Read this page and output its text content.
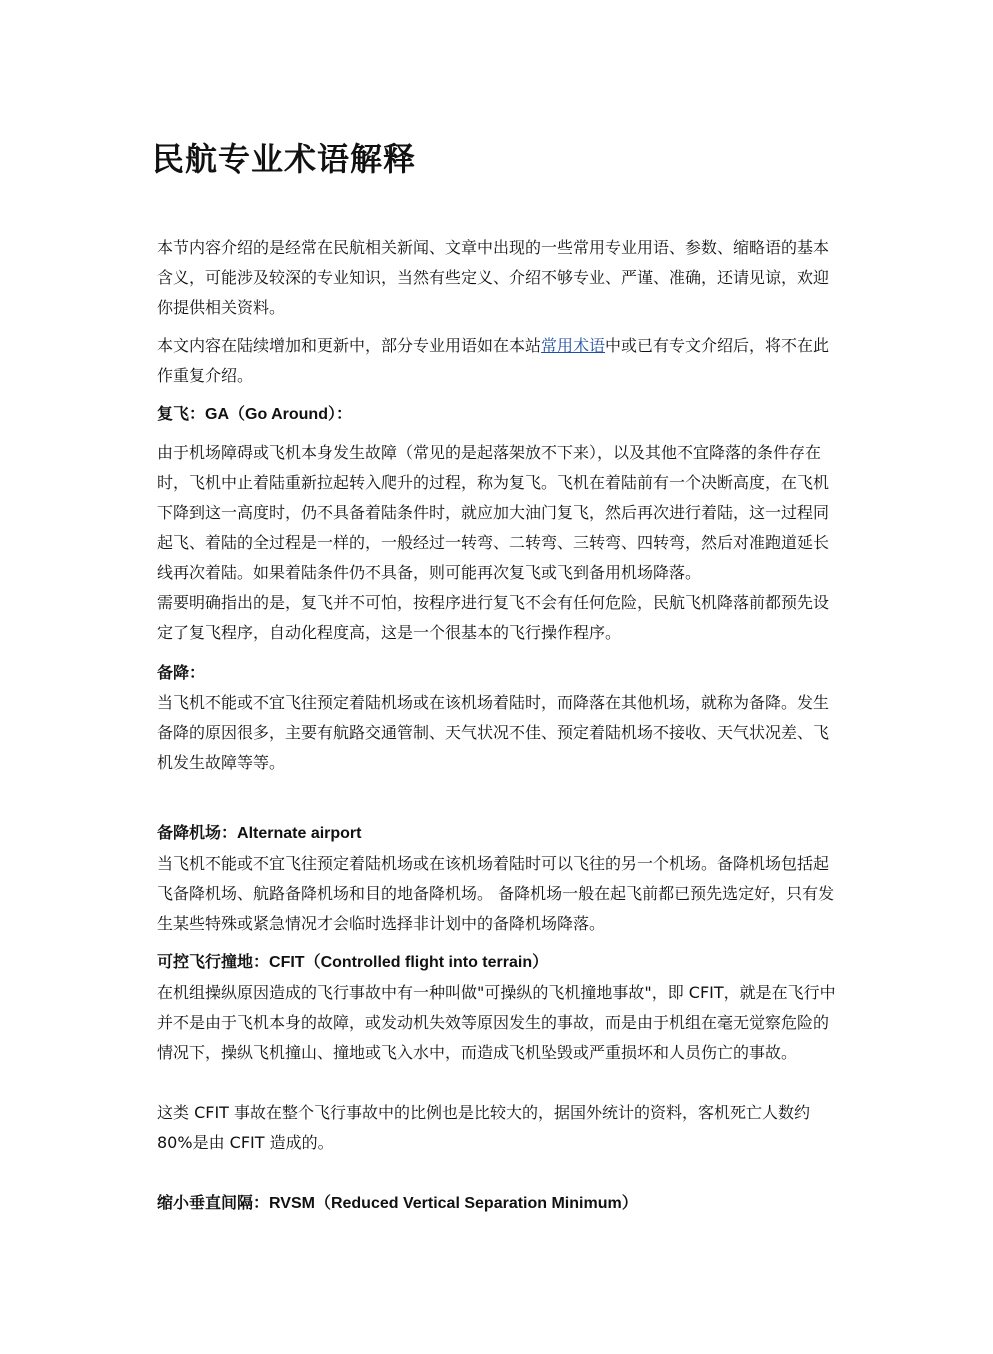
民航专业术语解释

本节内容介绍的是经常在民航相关新闻、文章中出现的一些常用专业用语、参数、缩略语的基本含义，可能涉及较深的专业知识，当然有些定义、介绍不够专业、严谨、准确，还请见谅，欢迎你提供相关资料。

本文内容在陆续增加和更新中，部分专业用语如在本站常用术语中或已有专文介绍后，将不在此作重复介绍。

复飞：GA（Go Around）：

由于机场障碍或飞机本身发生故障（常见的是起落架放不下来），以及其他不宜降落的条件存在时，飞机中止着陆重新拉起转入爬升的过程，称为复飞。飞机在着陆前有一个决断高度，在飞机下降到这一高度时，仍不具备着陆条件时，就应加大油门复飞，然后再次进行着陆，这一过程同起飞、着陆的全过程是一样的，一般经过一转弯、二转弯、三转弯、四转弯，然后对准跑道延长线再次着陆。如果着陆条件仍不具备，则可能再次复飞或飞到备用机场降落。

需要明确指出的是，复飞并不可怕，按程序进行复飞不会有任何危险，民航飞机降落前都预先设定了复飞程序，自动化程度高，这是一个很基本的飞行操作程序。

备降：

当飞机不能或不宜飞往预定着陆机场或在该机场着陆时，而降落在其他机场，就称为备降。发生备降的原因很多，主要有航路交通管制、天气状况不佳、预定着陆机场不接收、天气状况差、飞机发生故障等等。

备降机场：Alternate airport

当飞机不能或不宜飞往预定着陆机场或在该机场着陆时可以飞往的另一个机场。备降机场包括起飞备降机场、航路备降机场和目的地备降机场。 备降机场一般在起飞前都已预先选定好，只有发生某些特殊或紧急情况才会临时选择非计划中的备降机场降落。

可控飞行撞地：CFIT（Controlled flight into terrain）

在机组操纵原因造成的飞行事故中有一种叫做"可操纵的飞机撞地事故"，即 CFIT，就是在飞行中并不是由于飞机本身的故障，或发动机失效等原因发生的事故，而是由于机组在毫无觉察危险的情况下，操纵飞机撞山、撞地或飞入水中，而造成飞机坠毁或严重损坏和人员伤亡的事故。

这类 CFIT 事故在整个飞行事故中的比例也是比较大的，据国外统计的资料，客机死亡人数约80%是由 CFIT 造成的。

缩小垂直间隔：RVSM（Reduced Vertical Separation Minimum）
